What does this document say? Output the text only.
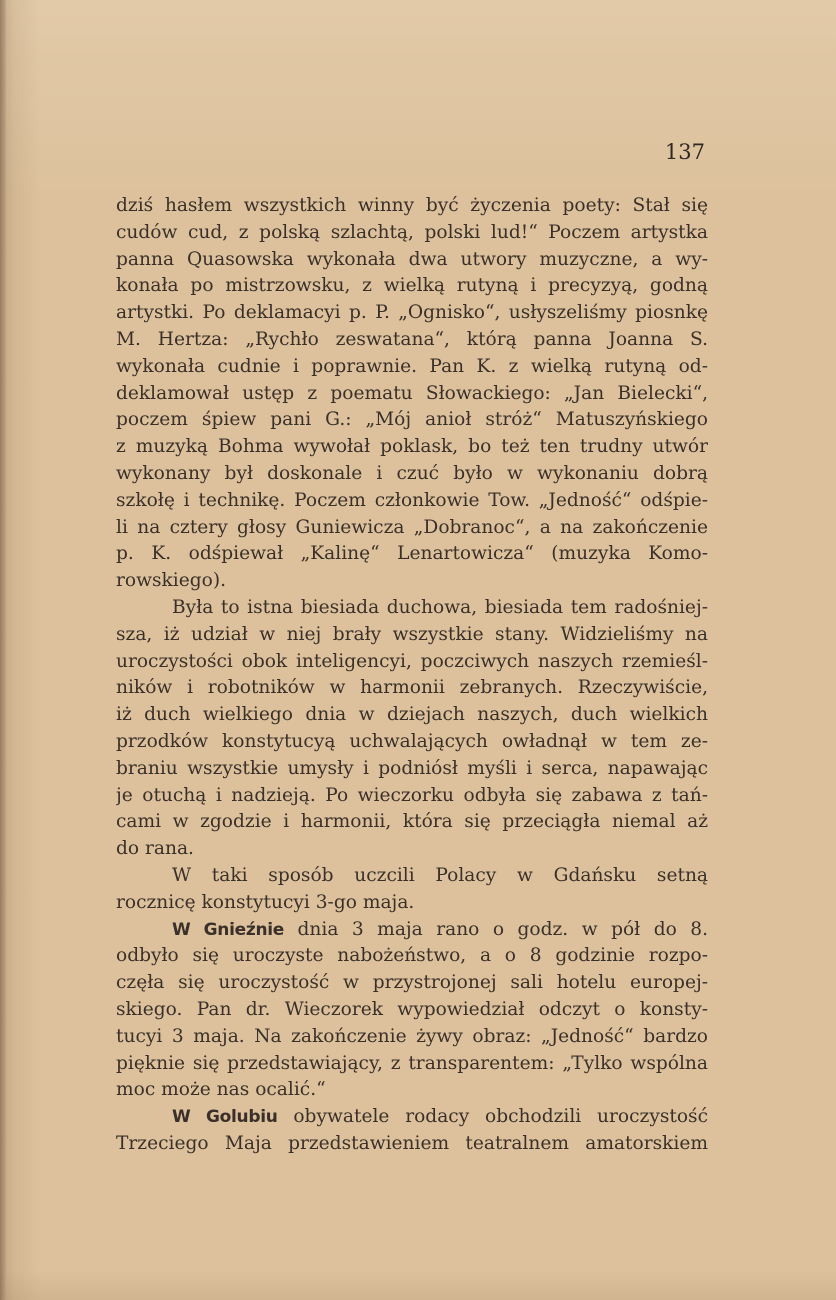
137
dziś hasłem wszystkich winny być życzenia poety: Stał się
cudów cud, z polską szlachtą, polski lud!“ Poczem artystka
panna Quasowska wykonała dwa utwory muzyczne, a wy-
konała po mistrzowsku, z wielką rutyną i precyzyą, godną
artystki. Po deklamacyi p. P. „Ognisko“, usłyszeliśmy piosnkę
M. Hertza: „Rychło zeswatana“, którą panna Joanna S.
wykonała cudnie i poprawnie. Pan K. z wielką rutyną od-
deklamował ustęp z poematu Słowackiego: „Jan Bielecki“,
poczem śpiew pani G.: „Mój anioł stróż“ Matuszyńskiego
z muzyką Bohma wywołał poklask, bo też ten trudny utwór
wykonany był doskonale i czuć było w wykonaniu dobrą
szkołę i technikę. Poczem członkowie Tow. „Jedność“ odśpie-
li na cztery głosy Guniewicza „Dobranoc“, a na zakończenie
p. K. odśpiewał „Kalinę“ Lenartowicza“ (muzyka Komo-
rowskiego).
Była to istna biesiada duchowa, biesiada tem radośniej-
sza, iż udział w niej brały wszystkie stany. Widzieliśmy na
uroczystości obok inteligencyi, poczciwych naszych rzemieśl-
ników i robotników w harmonii zebranych. Rzeczywiście,
iż duch wielkiego dnia w dziejach naszych, duch wielkich
przodków konstytucyą uchwalających owładnął w tem ze-
braniu wszystkie umysły i podniósł myśli i serca, napawając
je otuchą i nadzieją. Po wieczorku odbyła się zabawa z tań-
cami w zgodzie i harmonii, która się przeciągła niemal aż
do rana.
W taki sposób uczcili Polacy w Gdańsku setną
rocznicę konstytucyi 3-go maja.
W Gnieźnie dnia 3 maja rano o godz. w pół do 8.
odbyło się uroczyste nabożeństwo, a o 8 godzinie rozpo-
częła się uroczystość w przystrojonej sali hotelu europej-
skiego. Pan dr. Wieczorek wypowiedział odczyt o konsty-
tucyi 3 maja. Na zakończenie żywy obraz: „Jedność“ bardzo
pięknie się przedstawiający, z transparentem: „Tylko wspólna
moc może nas ocalić.“
W Golubiu obywatele rodacy obchodzili uroczystość
Trzeciego Maja przedstawieniem teatralnem amatorskiem
